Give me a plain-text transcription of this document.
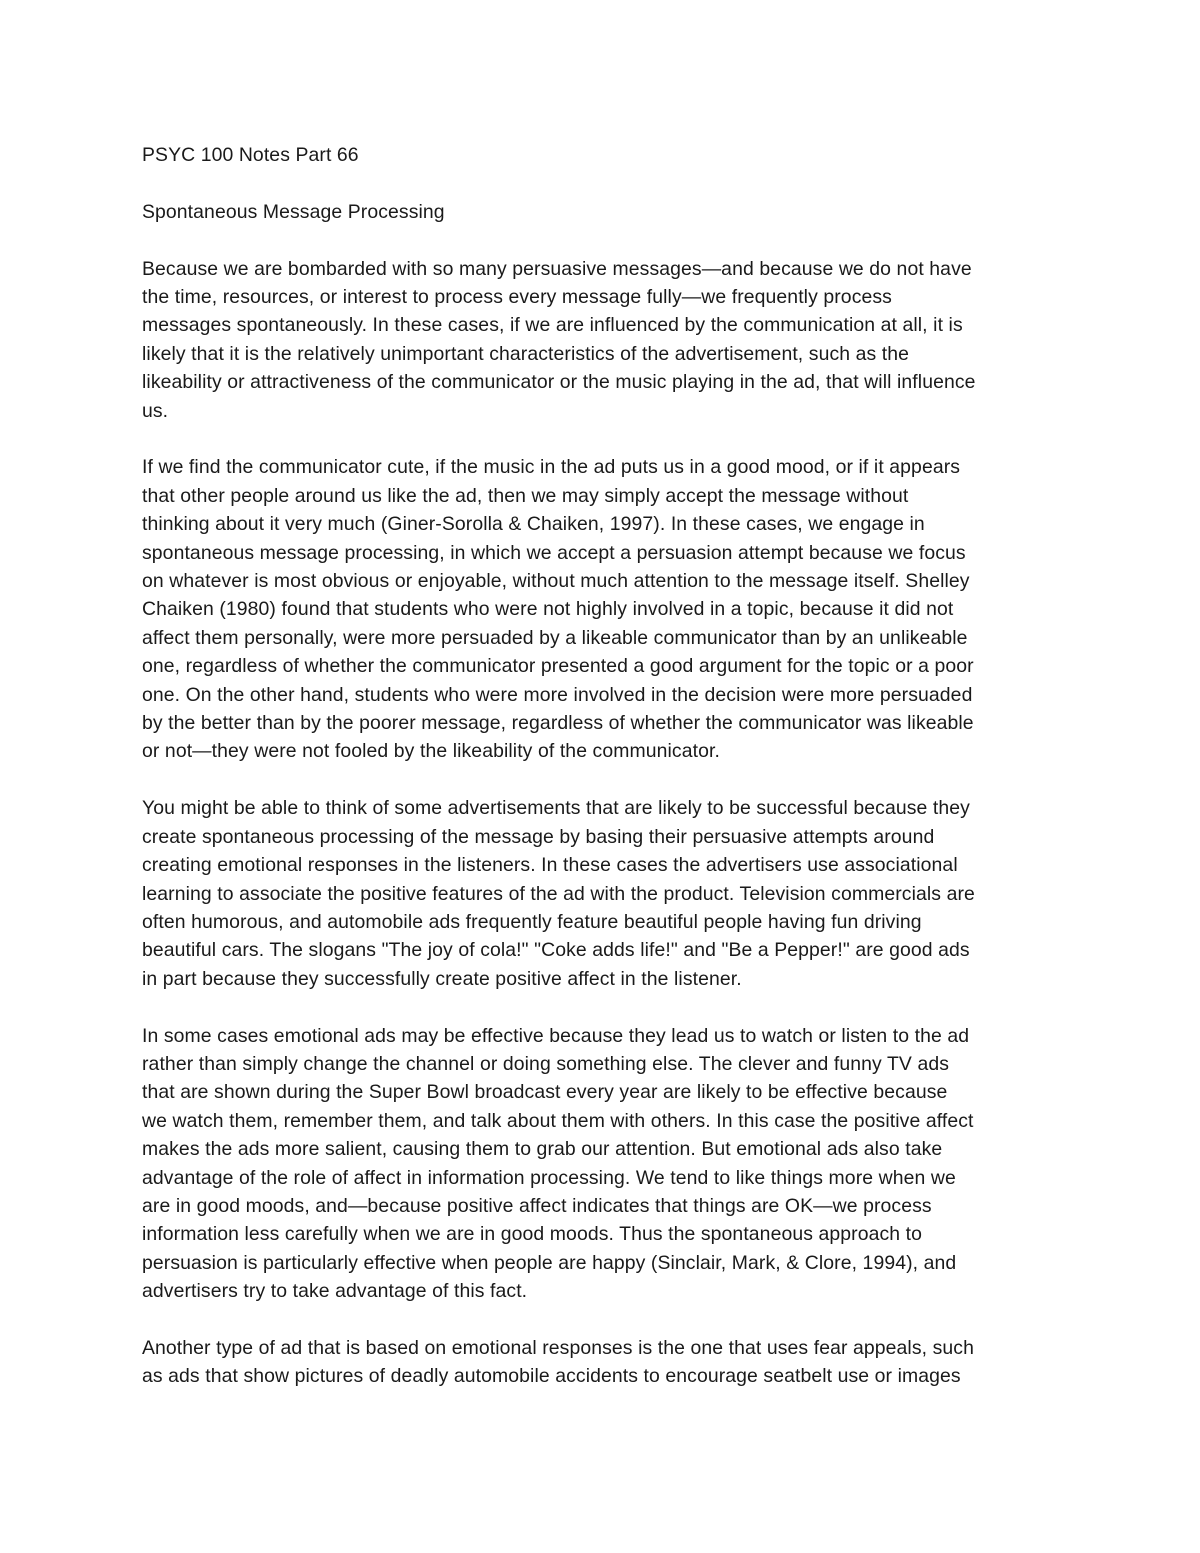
PSYC 100 Notes Part 66

Spontaneous Message Processing

Because we are bombarded with so many persuasive messages—and because we do not have
the time, resources, or interest to process every message fully—we frequently process
messages spontaneously. In these cases, if we are influenced by the communication at all, it is
likely that it is the relatively unimportant characteristics of the advertisement, such as the
likeability or attractiveness of the communicator or the music playing in the ad, that will influence
us.

If we find the communicator cute, if the music in the ad puts us in a good mood, or if it appears
that other people around us like the ad, then we may simply accept the message without
thinking about it very much (Giner-Sorolla & Chaiken, 1997). In these cases, we engage in
spontaneous message processing, in which we accept a persuasion attempt because we focus
on whatever is most obvious or enjoyable, without much attention to the message itself. Shelley
Chaiken (1980) found that students who were not highly involved in a topic, because it did not
affect them personally, were more persuaded by a likeable communicator than by an unlikeable
one, regardless of whether the communicator presented a good argument for the topic or a poor
one. On the other hand, students who were more involved in the decision were more persuaded
by the better than by the poorer message, regardless of whether the communicator was likeable
or not—they were not fooled by the likeability of the communicator.

You might be able to think of some advertisements that are likely to be successful because they
create spontaneous processing of the message by basing their persuasive attempts around
creating emotional responses in the listeners. In these cases the advertisers use associational
learning to associate the positive features of the ad with the product. Television commercials are
often humorous, and automobile ads frequently feature beautiful people having fun driving
beautiful cars. The slogans "The joy of cola!" "Coke adds life!" and "Be a Pepper!" are good ads
in part because they successfully create positive affect in the listener.

In some cases emotional ads may be effective because they lead us to watch or listen to the ad
rather than simply change the channel or doing something else. The clever and funny TV ads
that are shown during the Super Bowl broadcast every year are likely to be effective because
we watch them, remember them, and talk about them with others. In this case the positive affect
makes the ads more salient, causing them to grab our attention. But emotional ads also take
advantage of the role of affect in information processing. We tend to like things more when we
are in good moods, and—because positive affect indicates that things are OK—we process
information less carefully when we are in good moods. Thus the spontaneous approach to
persuasion is particularly effective when people are happy (Sinclair, Mark, & Clore, 1994), and
advertisers try to take advantage of this fact.

Another type of ad that is based on emotional responses is the one that uses fear appeals, such
as ads that show pictures of deadly automobile accidents to encourage seatbelt use or images
